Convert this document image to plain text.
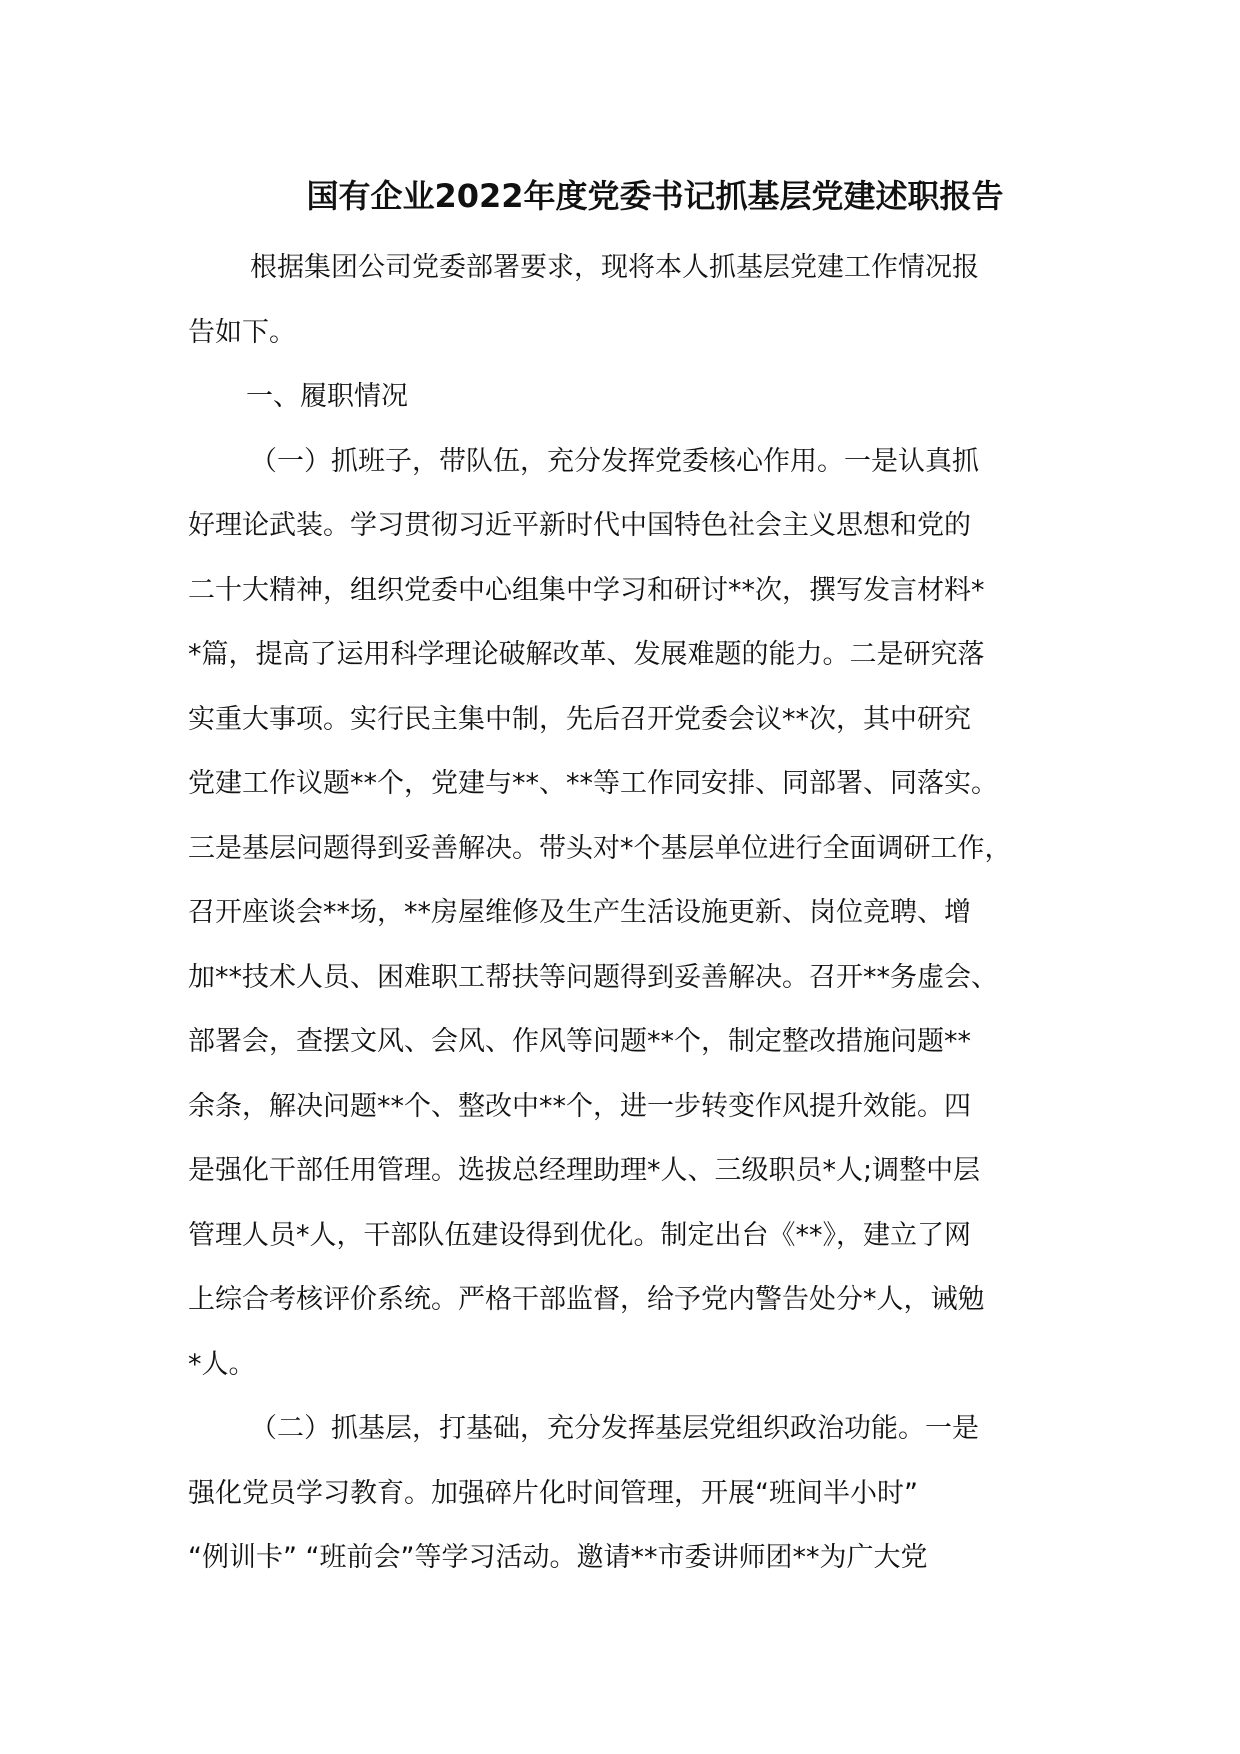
国有企业2022年度党委书记抓基层党建述职报告
根据集团公司党委部署要求，现将本人抓基层党建工作情况报
告如下。
一、履职情况
（一）抓班子，带队伍，充分发挥党委核心作用。一是认真抓
好理论武装。学习贯彻习近平新时代中国特色社会主义思想和党的
二十大精神，组织党委中心组集中学习和研讨**次，撰写发言材料*
*篇，提高了运用科学理论破解改革、发展难题的能力。二是研究落
实重大事项。实行民主集中制，先后召开党委会议**次，其中研究
党建工作议题**个，党建与**、**等工作同安排、同部署、同落实。
三是基层问题得到妥善解决。带头对*个基层单位进行全面调研工作，
召开座谈会**场，**房屋维修及生产生活设施更新、岗位竞聘、增
加**技术人员、困难职工帮扶等问题得到妥善解决。召开**务虚会、
部署会，查摆文风、会风、作风等问题**个，制定整改措施问题**
余条，解决问题**个、整改中**个，进一步转变作风提升效能。四
是强化干部任用管理。选拔总经理助理*人、三级职员*人;调整中层
管理人员*人，干部队伍建设得到优化。制定出台《**》，建立了网
上综合考核评价系统。严格干部监督，给予党内警告处分*人，诫勉
*人。
（二）抓基层，打基础，充分发挥基层党组织政治功能。一是
强化党员学习教育。加强碎片化时间管理，开展“班间半小时”
“例训卡” “班前会”等学习活动。邀请**市委讲师团**为广大党
